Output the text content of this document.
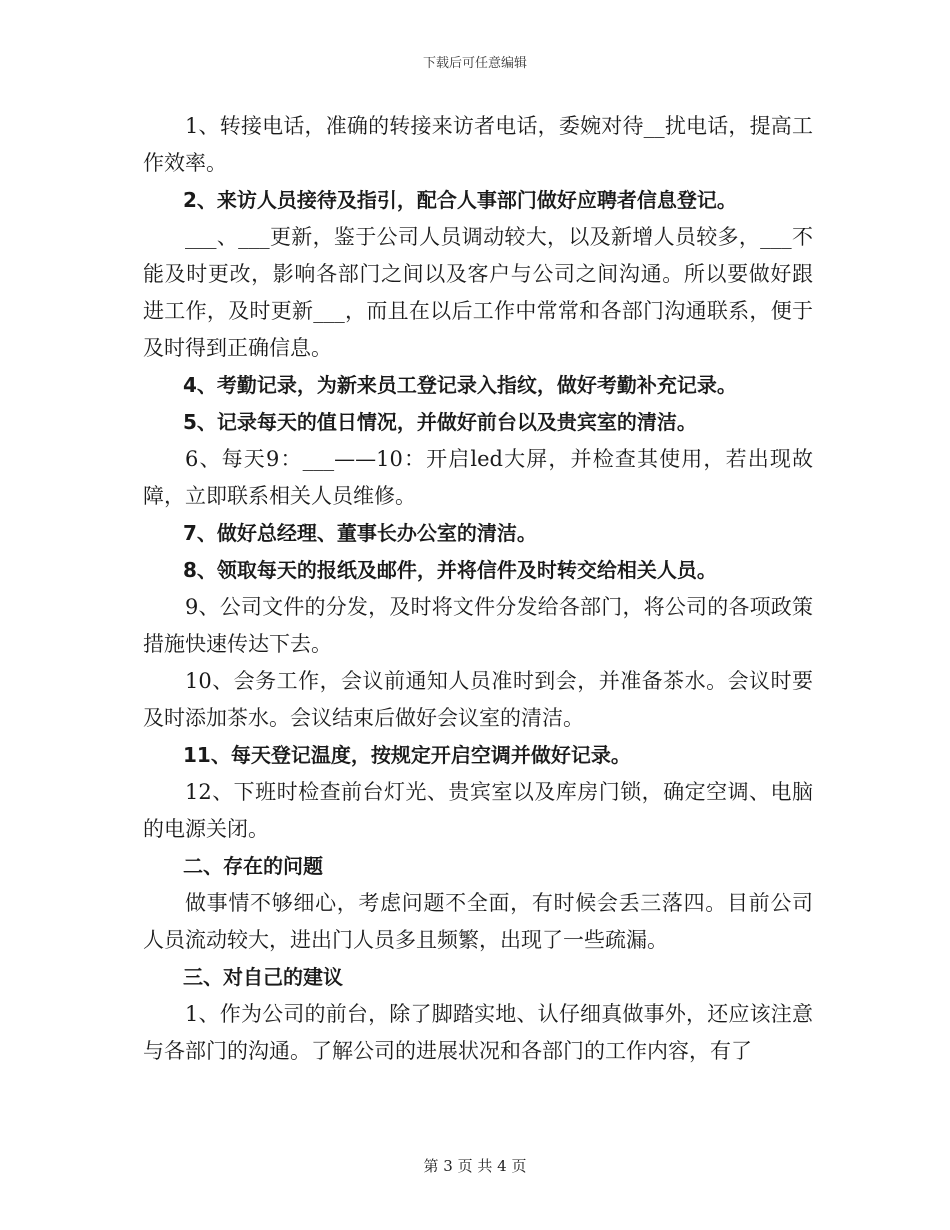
下载后可任意编辑

1、转接电话，准确的转接来访者电话，委婉对待__扰电话，提高工作效率。

2、来访人员接待及指引，配合人事部门做好应聘者信息登记。

___、___更新，鉴于公司人员调动较大，以及新增人员较多，___不能及时更改，影响各部门之间以及客户与公司之间沟通。所以要做好跟进工作，及时更新___，而且在以后工作中常常和各部门沟通联系，便于及时得到正确信息。

4、考勤记录，为新来员工登记录入指纹，做好考勤补充记录。

5、记录每天的值日情况，并做好前台以及贵宾室的清洁。

6、每天9：___——10：开启led大屏，并检查其使用，若出现故障，立即联系相关人员维修。

7、做好总经理、董事长办公室的清洁。

8、领取每天的报纸及邮件，并将信件及时转交给相关人员。

9、公司文件的分发，及时将文件分发给各部门，将公司的各项政策措施快速传达下去。

10、会务工作，会议前通知人员准时到会，并准备茶水。会议时要及时添加茶水。会议结束后做好会议室的清洁。

11、每天登记温度，按规定开启空调并做好记录。

12、下班时检查前台灯光、贵宾室以及库房门锁，确定空调、电脑的电源关闭。

二、存在的问题

做事情不够细心，考虑问题不全面，有时候会丢三落四。目前公司人员流动较大，进出门人员多且频繁，出现了一些疏漏。

三、对自己的建议

1、作为公司的前台，除了脚踏实地、认仔细真做事外，还应该注意与各部门的沟通。了解公司的进展状况和各部门的工作内容，有了

第 3 页 共 4 页
